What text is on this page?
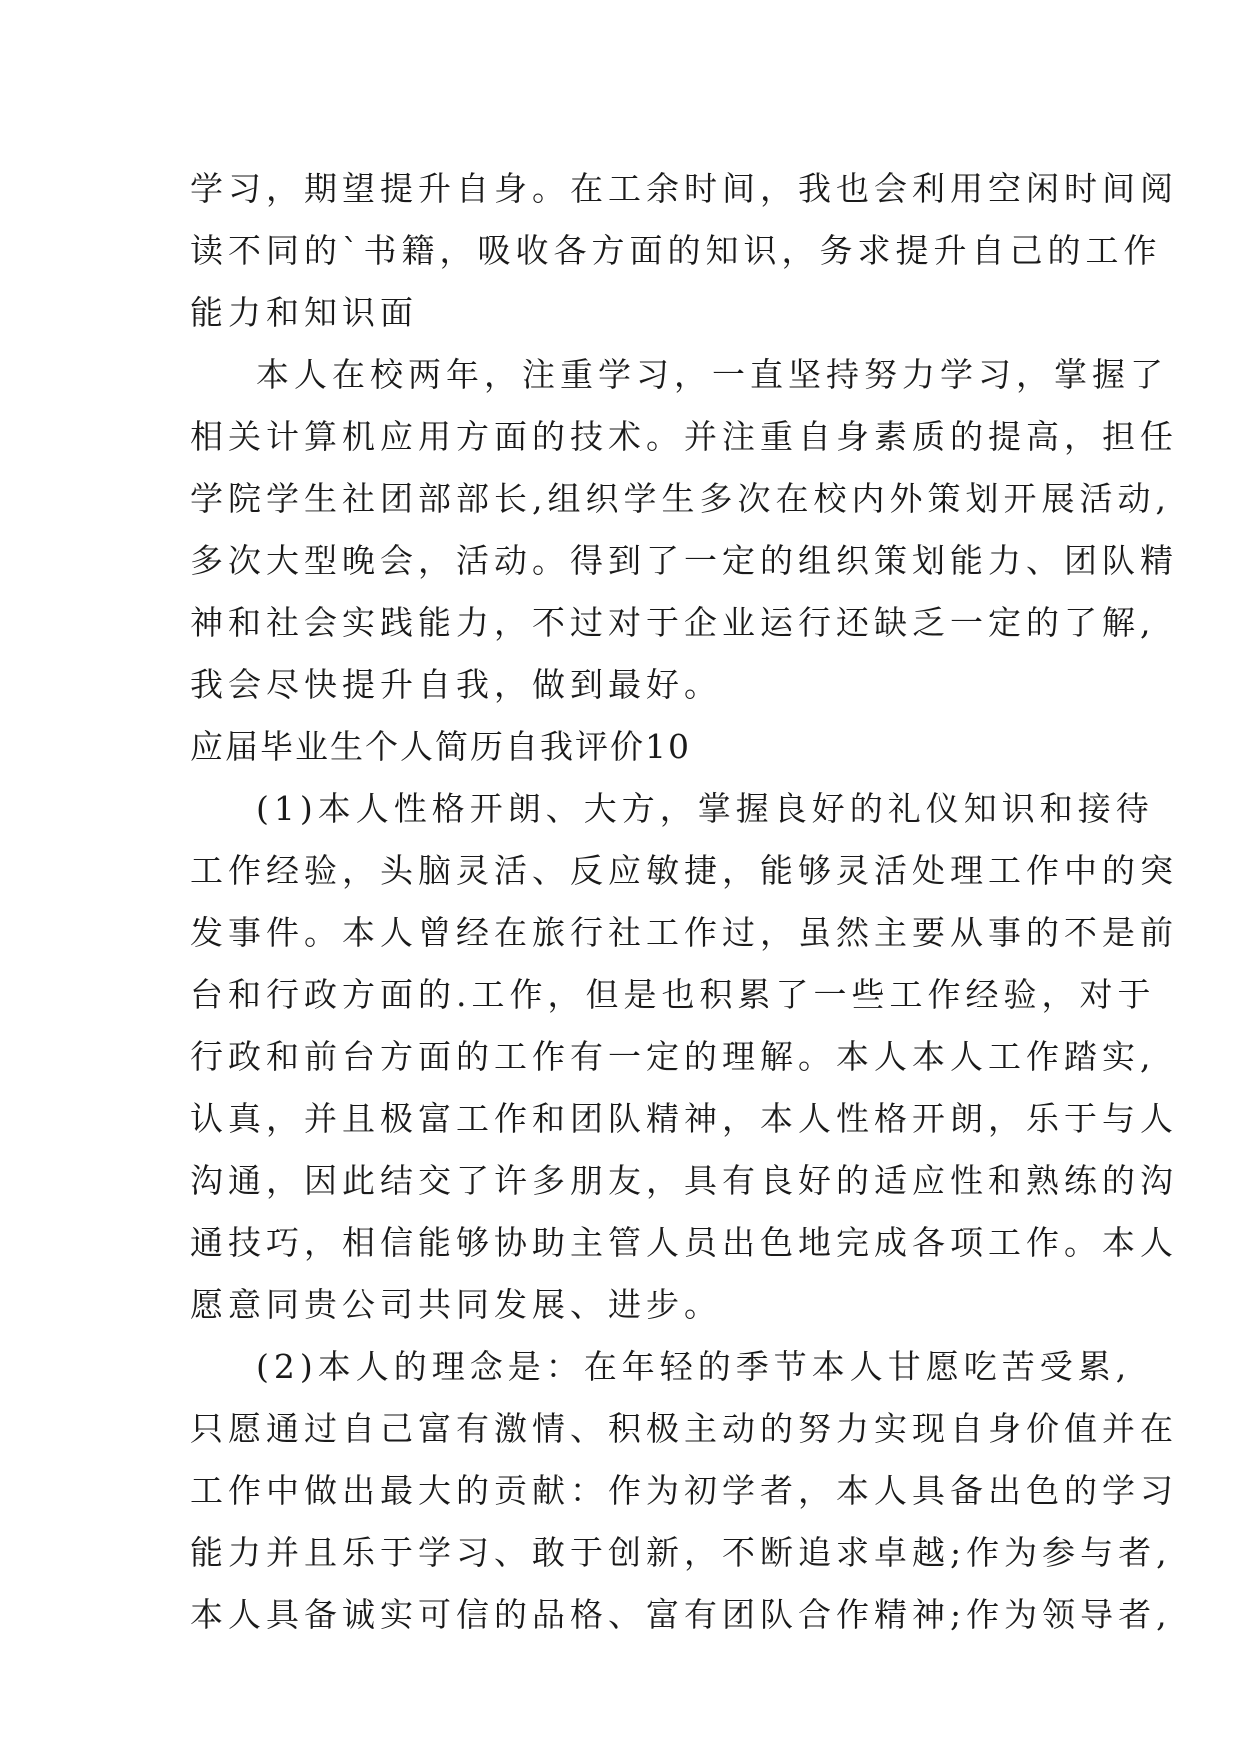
学习，期望提升自身。在工余时间，我也会利用空闲时间阅
读不同的`书籍，吸收各方面的知识，务求提升自己的工作
能力和知识面
本人在校两年，注重学习，一直坚持努力学习，掌握了
相关计算机应用方面的技术。并注重自身素质的提高，担任
学院学生社团部部长,组织学生多次在校内外策划开展活动,
多次大型晚会，活动。得到了一定的组织策划能力、团队精
神和社会实践能力，不过对于企业运行还缺乏一定的了解,
我会尽快提升自我，做到最好。
应届毕业生个人简历自我评价10
(1)本人性格开朗、大方，掌握良好的礼仪知识和接待
工作经验，头脑灵活、反应敏捷，能够灵活处理工作中的突
发事件。本人曾经在旅行社工作过，虽然主要从事的不是前
台和行政方面的.工作，但是也积累了一些工作经验，对于
行政和前台方面的工作有一定的理解。本人本人工作踏实,
认真，并且极富工作和团队精神，本人性格开朗，乐于与人
沟通，因此结交了许多朋友，具有良好的适应性和熟练的沟
通技巧，相信能够协助主管人员出色地完成各项工作。本人
愿意同贵公司共同发展、进步。
(2)本人的理念是：在年轻的季节本人甘愿吃苦受累,
只愿通过自己富有激情、积极主动的努力实现自身价值并在
工作中做出最大的贡献：作为初学者，本人具备出色的学习
能力并且乐于学习、敢于创新，不断追求卓越;作为参与者,
本人具备诚实可信的品格、富有团队合作精神;作为领导者,
